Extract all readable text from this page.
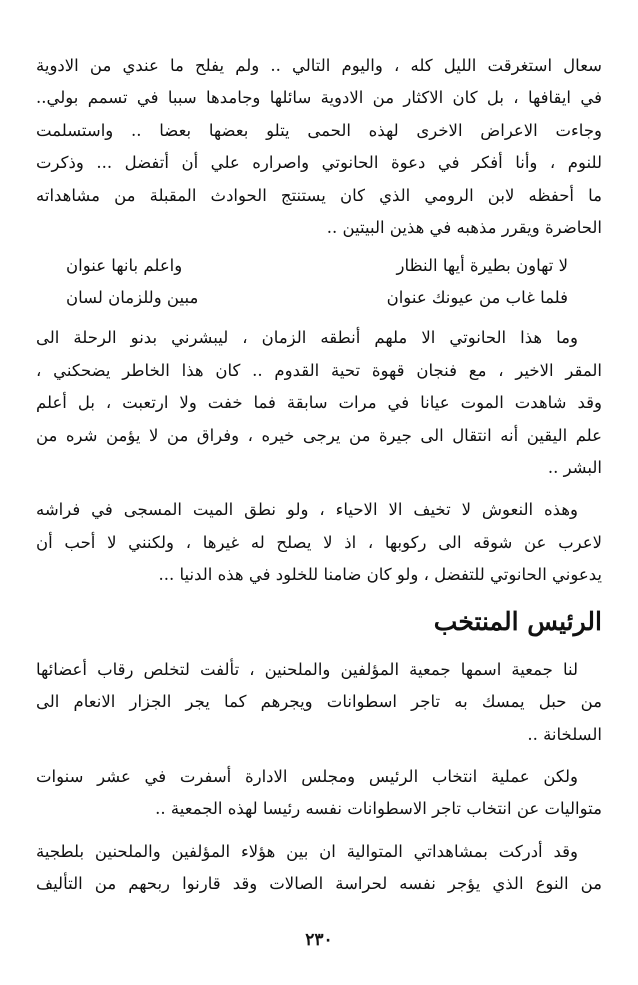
سعال استغرقت الليل كله ، واليوم التالي .. ولم يفلح ما عندي من الادوية
في ايقافها ، بل كان الاكثار من الادوية سائلها وجامدها سببا في تسمم بولي..
وجاءت الاعراض الاخرى لهذه الحمى يتلو بعضها بعضا .. واستسلمت
للنوم ، وأنا أفكر في دعوة الحانوتي واصراره علي أن أتفضل ... وذكرت
ما أحفظه لابن الرومي الذي كان يستنتج الحوادث المقبلة من مشاهداته
الحاضرة ويقرر مذهبه في هذين البيتين ..
لا تهاون بطيرة أيها النظار
واعلم بانها عنوان
فلما غاب من عيونك عنوان
مبين وللزمان لسان
وما هذا الحانوتي الا ملهم أنطقه الزمان ، ليبشرني بدنو الرحلة الى
المقر الاخير ، مع فنجان قهوة تحية القدوم .. كان هذا الخاطر يضحكني ،
وقد شاهدت الموت عيانا في مرات سابقة فما خفت ولا ارتعبت ، بل أعلم
علم اليقين أنه انتقال الى جيرة من يرجى خيره ، وفراق من لا يؤمن شره من
البشر ..
وهذه النعوش لا تخيف الا الاحياء ، ولو نطق الميت المسجى في فراشه
لاعرب عن شوقه الى ركوبها ، اذ لا يصلح له غيرها ، ولكنني لا أحب أن
يدعوني الحانوتي للتفضل ، ولو كان ضامنا للخلود في هذه الدنيا ...
الرئيس المنتخب
لنا جمعية اسمها جمعية المؤلفين والملحنين ، تألفت لتخلص رقاب أعضائها
من حبل يمسك به تاجر اسطوانات ويجرهم كما يجر الجزار الانعام الى
السلخانة ..
ولكن عملية انتخاب الرئيس ومجلس الادارة أسفرت في عشر سنوات
متواليات عن انتخاب تاجر الاسطوانات نفسه رئيسا لهذه الجمعية ..
وقد أدركت بمشاهداتي المتوالية ان بين هؤلاء المؤلفين والملحنين بلطجية
من النوع الذي يؤجر نفسه لحراسة الصالات وقد قارنوا ربحهم من التأليف
٢٣٠
